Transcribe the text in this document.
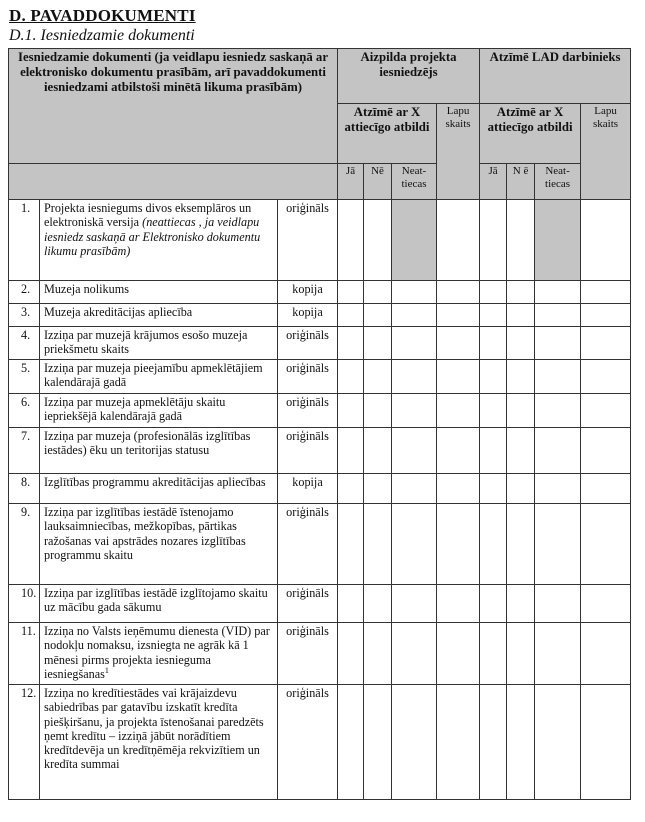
D. PAVADDOKUMENTI
D.1. Iesniedzamie dokumenti
Iesniedzamie dokumenti (ja veidlapu iesniedz saskaņā ar elektronisko dokumentu prasībām, arī pavaddokumenti iesniedzami atbilstoši minētā likuma prasībām)			Aizpilda projekta iesniedzējs				Atzīmē LAD darbinieks			
			Atzīmē ar X attiecīgo atbildi			Lapu skaits	Atzīmē ar X attiecīgo atbildi			Lapu skaits
			Jā	Nē	Neat-tiecas		Jā	N ē	Neat-tiecas	
1.	Projekta iesniegums divos eksemplāros un elektroniskā versija (neattiecas , ja veidlapu iesniedz saskaņā ar Elektronisko dokumentu likumu prasībām)	oriģināls								
2.	Muzeja nolikums	kopija								
3.	Muzeja akreditācijas apliecība	kopija								
4.	Izziņa par muzejā krājumos esošo muzeja priekšmetu skaits	oriģināls								
5.	Izziņa par muzeja pieejamību apmeklētājiem kalendārajā gadā	oriģināls								
6.	Izziņa par muzeja apmeklētāju skaitu iepriekšējā kalendārajā gadā	oriģināls								
7.	Izziņa par muzeja (profesionālās izglītības iestādes) ēku un teritorijas statusu	oriģināls								
8.	Izglītības programmu akreditācijas apliecības	kopija								
9.	Izziņa par izglītības iestādē īstenojamo lauksaimniecības, mežkopības, pārtikas ražošanas vai apstrādes nozares izglītības programmu skaitu	oriģināls								
10.	Izziņa par izglītības iestādē izglītojamo skaitu uz mācību gada sākumu	oriģināls								
11.	Izziņa no Valsts ieņēmumu dienesta (VID) par nodokļu nomaksu, izsniegta ne agrāk kā 1 mēnesi pirms projekta iesnieguma iesniegšanas$^1$	oriģināls								
12.	Izziņa no kredītiestādes vai krājaizdevu sabiedrības par gatavību izskatīt kredīta piešķiršanu, ja projekta īstenošanai paredzēts ņemt kredītu – izziņā jābūt norādītiem kredītdevēja un kredītņēmēja rekvizītiem un kredīta summai	oriģināls								
